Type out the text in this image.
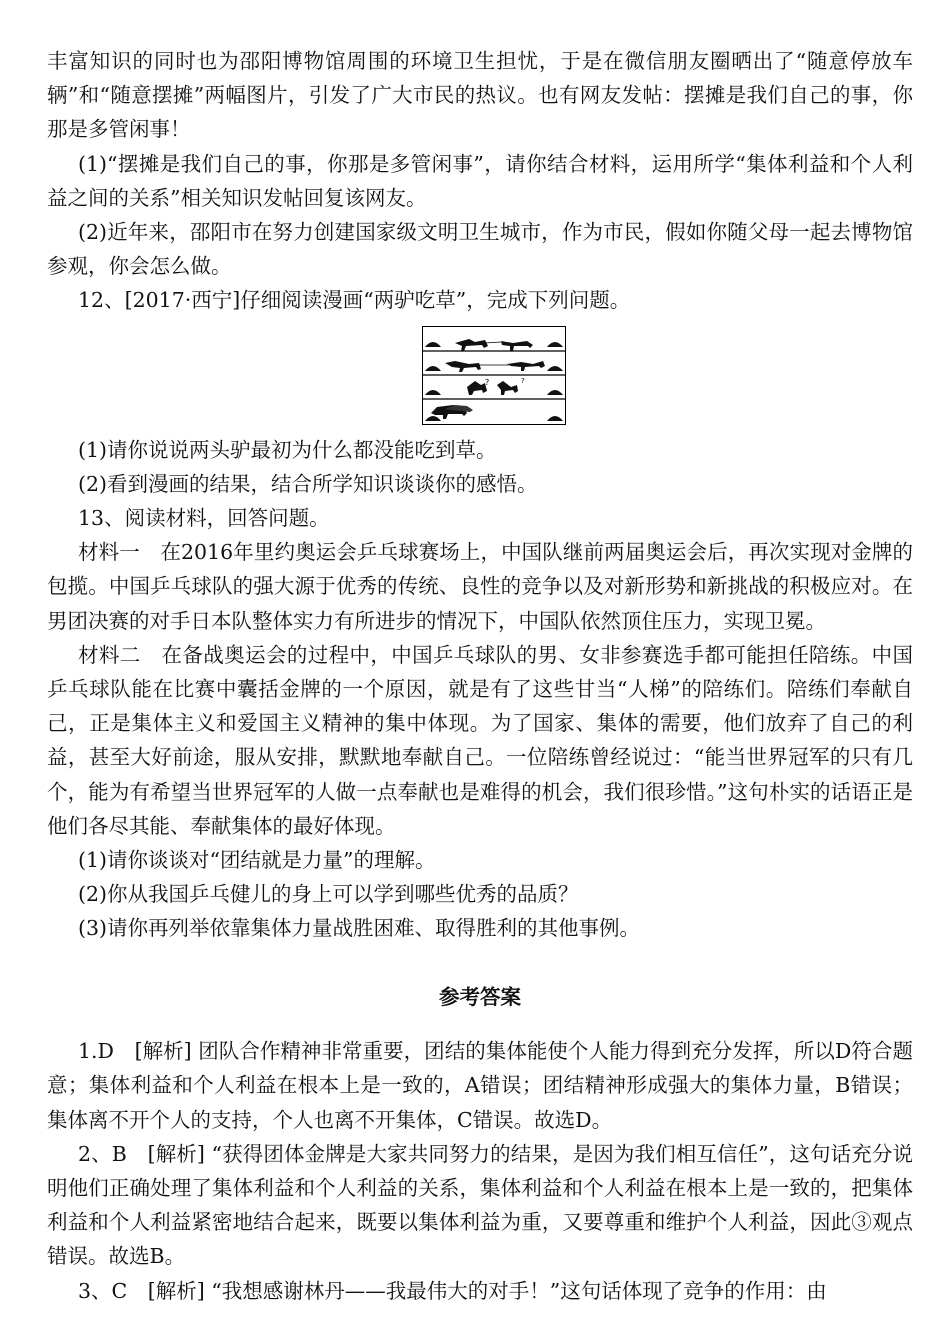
丰富知识的同时也为邵阳博物馆周围的环境卫生担忧，于是在微信朋友圈晒出了“随意停放车辆”和“随意摆摊”两幅图片，引发了广大市民的热议。也有网友发帖：摆摊是我们自己的事，你那是多管闲事！

(1)“摆摊是我们自己的事，你那是多管闲事”，请你结合材料，运用所学“集体利益和个人利益之间的关系”相关知识发帖回复该网友。

(2)近年来，邵阳市在努力创建国家级文明卫生城市，作为市民，假如你随父母一起去博物馆参观，你会怎么做。

12、[2017·西宁]仔细阅读漫画“两驴吃草”，完成下列问题。

?	?

(1)请你说说两头驴最初为什么都没能吃到草。

(2)看到漫画的结果，结合所学知识谈谈你的感悟。

13、阅读材料，回答问题。

材料一　在2016年里约奥运会乒乓球赛场上，中国队继前两届奥运会后，再次实现对金牌的包揽。中国乒乓球队的强大源于优秀的传统、良性的竞争以及对新形势和新挑战的积极应对。在男团决赛的对手日本队整体实力有所进步的情况下，中国队依然顶住压力，实现卫冕。

材料二　在备战奥运会的过程中，中国乒乓球队的男、女非参赛选手都可能担任陪练。中国乒乓球队能在比赛中囊括金牌的一个原因，就是有了这些甘当“人梯”的陪练们。陪练们奉献自己，正是集体主义和爱国主义精神的集中体现。为了国家、集体的需要，他们放弃了自己的利益，甚至大好前途，服从安排，默默地奉献自己。一位陪练曾经说过：“能当世界冠军的只有几个，能为有希望当世界冠军的人做一点奉献也是难得的机会，我们很珍惜。”这句朴实的话语正是他们各尽其能、奉献集体的最好体现。

(1)请你谈谈对“团结就是力量”的理解。

(2)你从我国乒乓健儿的身上可以学到哪些优秀的品质？

(3)请你再列举依靠集体力量战胜困难、取得胜利的其他事例。

参考答案

1.D　[解析] 团队合作精神非常重要，团结的集体能使个人能力得到充分发挥，所以D符合题意；集体利益和个人利益在根本上是一致的，A错误；团结精神形成强大的集体力量，B错误；集体离不开个人的支持，个人也离不开集体，C错误。故选D。

2、B　[解析] “获得团体金牌是大家共同努力的结果，是因为我们相互信任”，这句话充分说明他们正确处理了集体利益和个人利益的关系，集体利益和个人利益在根本上是一致的，把集体利益和个人利益紧密地结合起来，既要以集体利益为重，又要尊重和维护个人利益，因此③观点错误。故选B。

3、C　[解析] “我想感谢林丹——我最伟大的对手！”这句话体现了竞争的作用：由
